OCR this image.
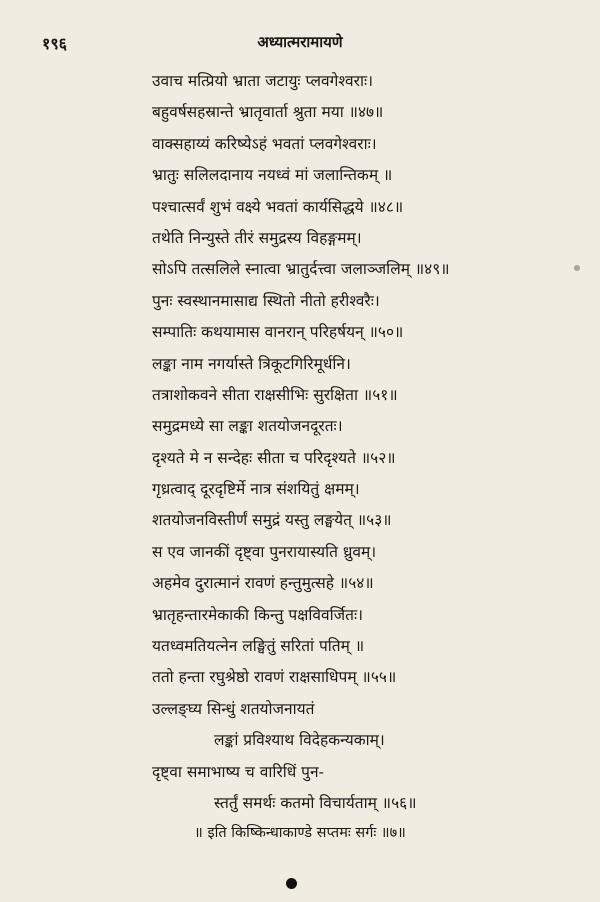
१९६	अध्यात्मरामायणे
उवाच मत्प्रियो भ्राता जटायुः प्लवगेश्वराः।
बहुवर्षसहस्रान्ते भ्रातृवार्ता श्रुता मया ॥४७॥
वाक्सहाय्यं करिष्येऽहं भवतां प्लवगेश्वराः।
भ्रातुः सलिलदानाय नयध्वं मां जलान्तिकम् ॥
पश्चात्सर्वं शुभं वक्ष्ये भवतां कार्यसिद्धये ॥४८॥
तथेति निन्युस्ते तीरं समुद्रस्य विहङ्गमम्।
सोऽपि तत्सलिले स्नात्वा भ्रातुर्दत्त्वा जलाञ्जलिम् ॥४९॥
पुनः स्वस्थानमासाद्य स्थितो नीतो हरीश्वरैः।
सम्पातिः कथयामास वानरान् परिहर्षयन् ॥५०॥
लङ्का नाम नगर्यास्ते त्रिकूटगिरिमूर्धनि।
तत्राशोकवने सीता राक्षसीभिः सुरक्षिता ॥५१॥
समुद्रमध्ये सा लङ्का शतयोजनदूरतः।
दृश्यते मे न सन्देहः सीता च परिदृश्यते ॥५२॥
गृध्रत्वाद् दूरदृष्टिर्मे नात्र संशयितुं क्षमम्।
शतयोजनविस्तीर्णं समुद्रं यस्तु लङ्घयेत् ॥५३॥
स एव जानकीं दृष्ट्वा पुनरायास्यति ध्रुवम्।
अहमेव दुरात्मानं रावणं हन्तुमुत्सहे ॥५४॥
भ्रातृहन्तारमेकाकी किन्तु पक्षविवर्जितः।
यतध्वमतियत्नेन लङ्घितुं सरितां पतिम् ॥
ततो हन्ता रघुश्रेष्ठो रावणं राक्षसाधिपम् ॥५५॥
उल्लङ्घ्य सिन्धुं शतयोजनायतं
लङ्कां प्रविश्याथ विदेहकन्यकाम्।
दृष्ट्वा समाभाष्य च वारिधिं पुन-
स्तर्तुं समर्थः कतमो विचार्यताम् ॥५६॥
॥ इति किष्किन्धाकाण्डे सप्तमः सर्गः ॥७॥
